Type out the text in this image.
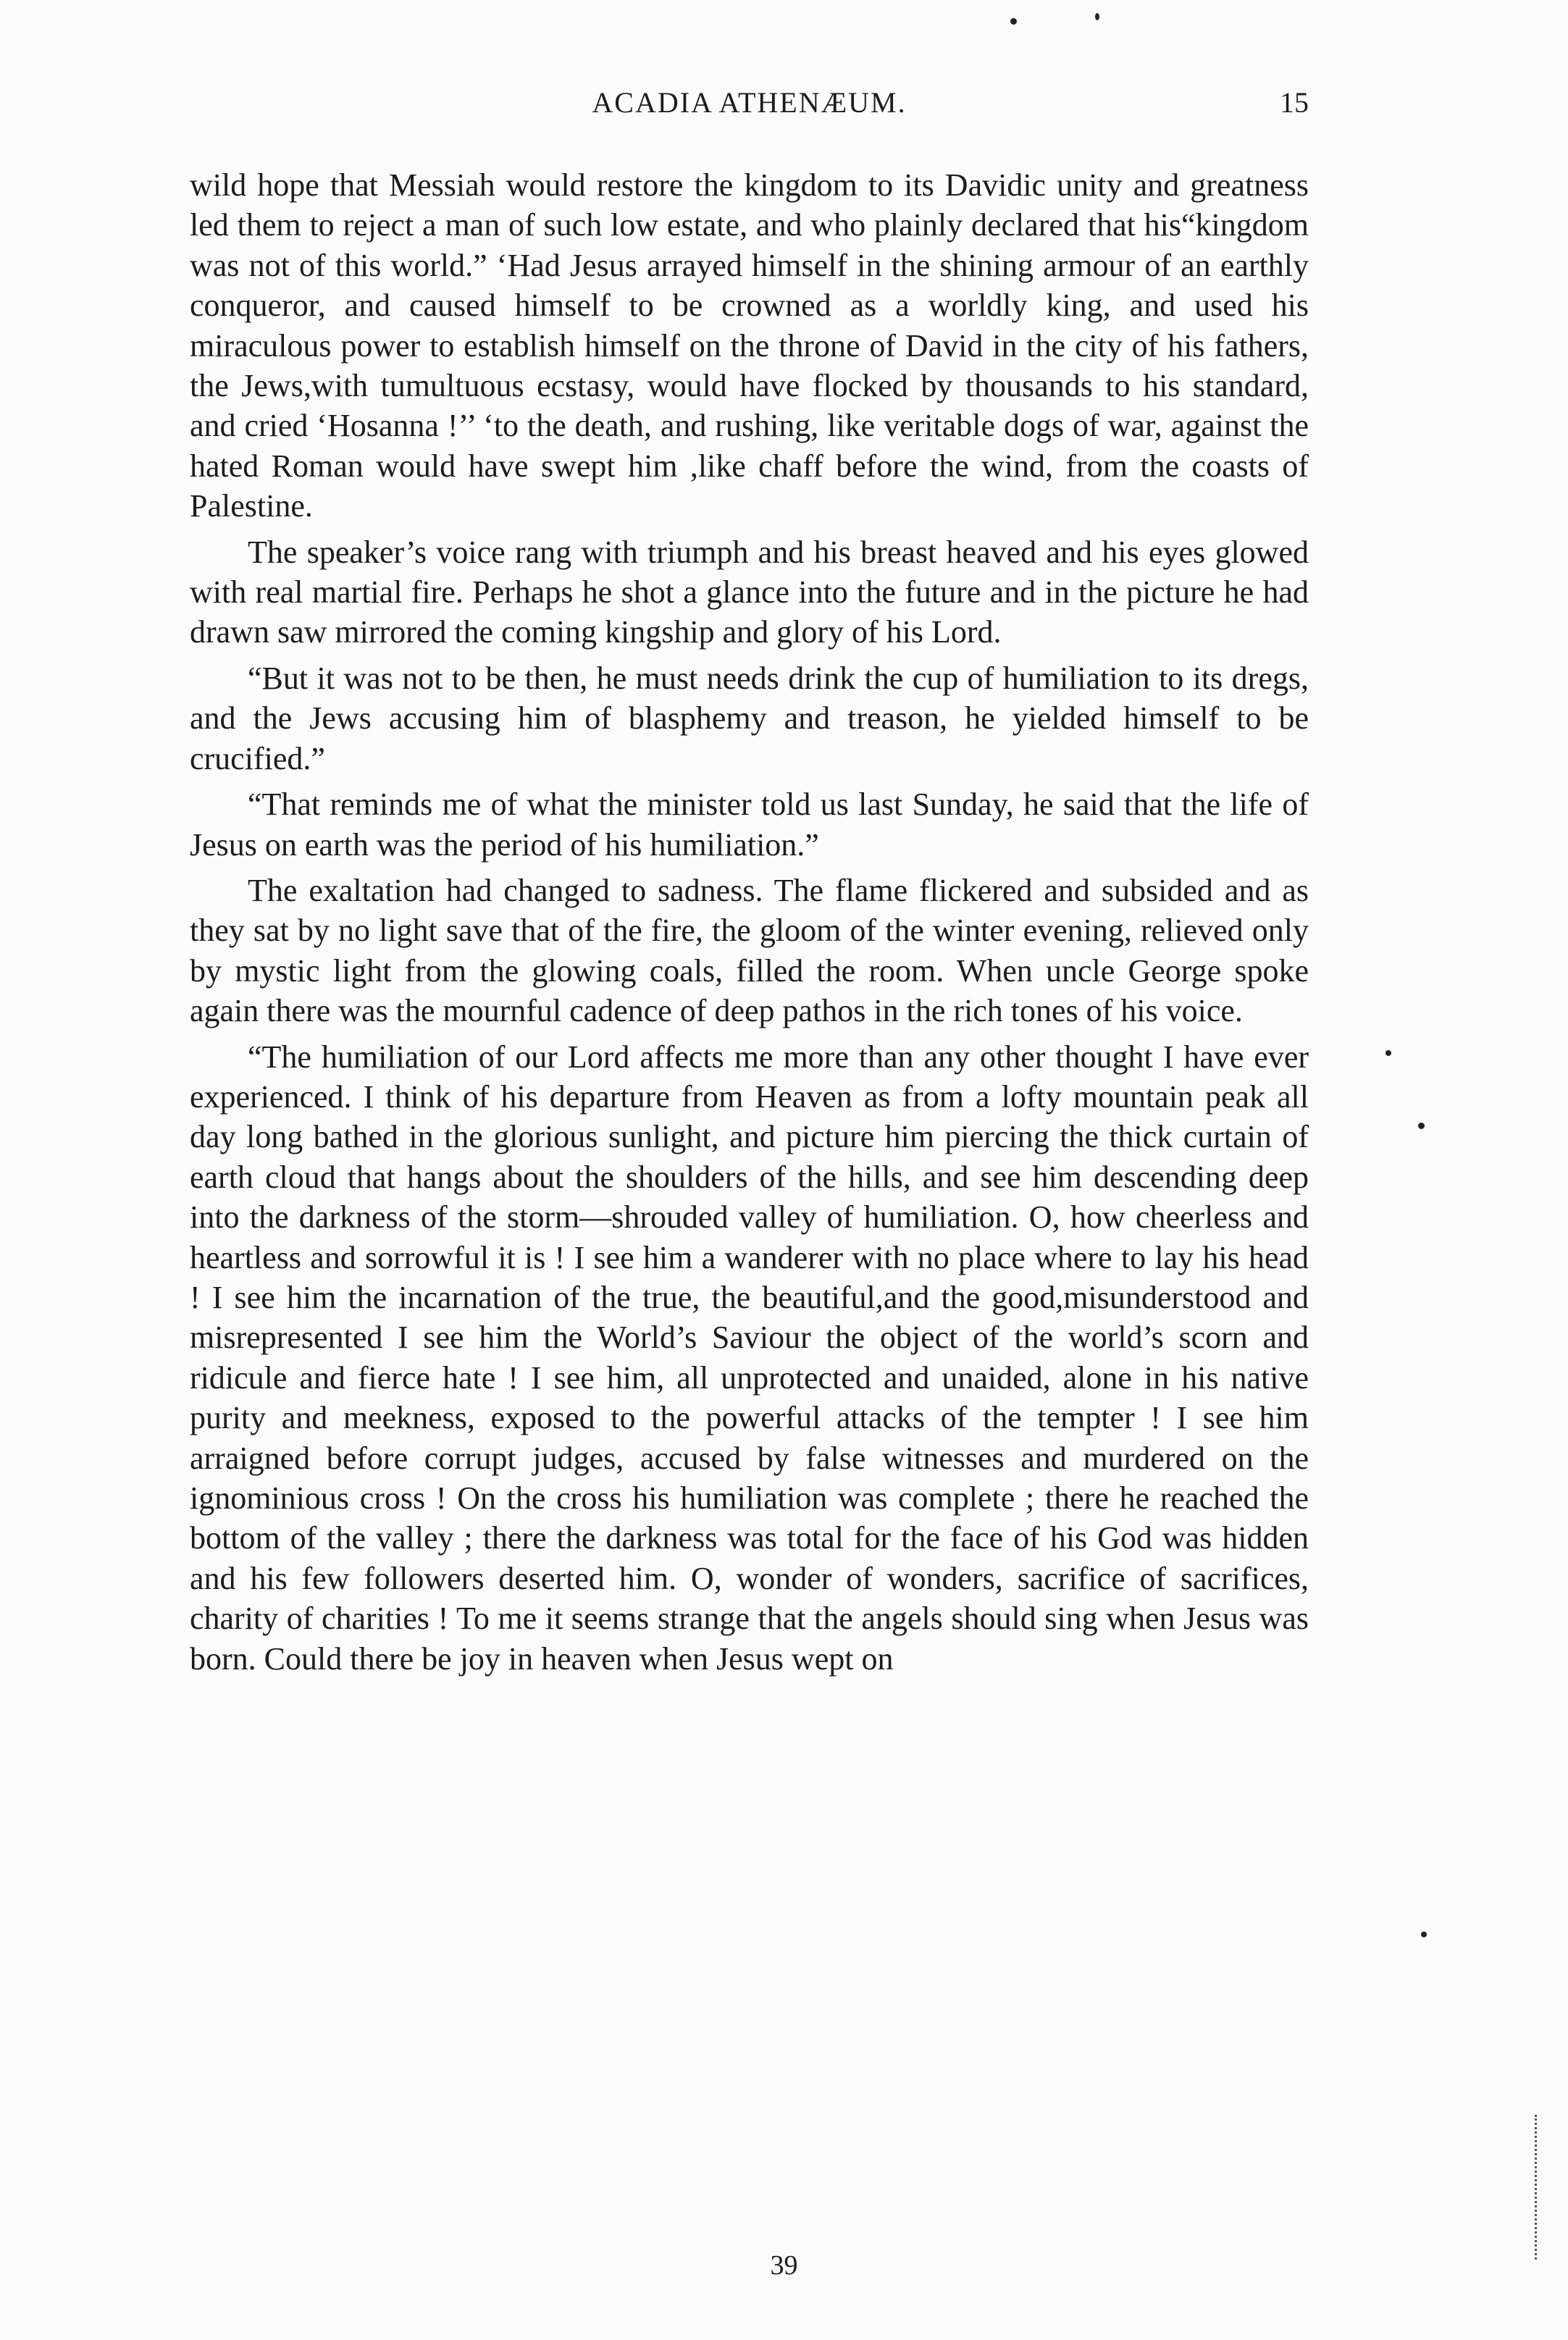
ACADIA ATHENÆUM.	15

wild hope that Messiah would restore the kingdom to its Davidic unity and greatness led them to reject a man of such low estate, and who plainly declared that his“kingdom was not of this world.” ‘Had Jesus arrayed himself in the shining armour of an earthly conqueror, and caused himself to be crowned as a worldly king, and used his miraculous power to establish himself on the throne of David in the city of his fathers, the Jews,with tumultuous ecstasy, would have flocked by thousands to his standard, and cried ‘Hosanna !’’ ‘to the death, and rushing, like veritable dogs of war, against the hated Roman would have swept him ,like chaff before the wind, from the coasts of Palestine.

The speaker’s voice rang with triumph and his breast heaved and his eyes glowed with real martial fire. Perhaps he shot a glance into the future and in the picture he had drawn saw mirrored the coming kingship and glory of his Lord.

“But it was not to be then, he must needs drink the cup of humiliation to its dregs, and the Jews accusing him of blasphemy and treason, he yielded himself to be crucified.”

“That reminds me of what the minister told us last Sunday, he said that the life of Jesus on earth was the period of his humiliation.”

The exaltation had changed to sadness. The flame flickered and subsided and as they sat by no light save that of the fire, the gloom of the winter evening, relieved only by mystic light from the glowing coals, filled the room. When uncle George spoke again there was the mournful cadence of deep pathos in the rich tones of his voice.

“The humiliation of our Lord affects me more than any other thought I have ever experienced. I think of his departure from Heaven as from a lofty mountain peak all day long bathed in the glorious sunlight, and picture him piercing the thick curtain of earth cloud that hangs about the shoulders of the hills, and see him descending deep into the darkness of the storm—shrouded valley of humiliation. O, how cheerless and heartless and sorrowful it is ! I see him a wanderer with no place where to lay his head ! I see him the incarnation of the true, the beautiful,and the good,misunderstood and misrepresented I see him the World’s Saviour the object of the world’s scorn and ridicule and fierce hate ! I see him, all unprotected and unaided, alone in his native purity and meekness, exposed to the powerful attacks of the tempter ! I see him arraigned before corrupt judges, accused by false witnesses and murdered on the ignominious cross ! On the cross his humiliation was complete ; there he reached the bottom of the valley ; there the darkness was total for the face of his God was hidden and his few followers deserted him. O, wonder of wonders, sacrifice of sacrifices, charity of charities ! To me it seems strange that the angels should sing when Jesus was born. Could there be joy in heaven when Jesus wept on

39
